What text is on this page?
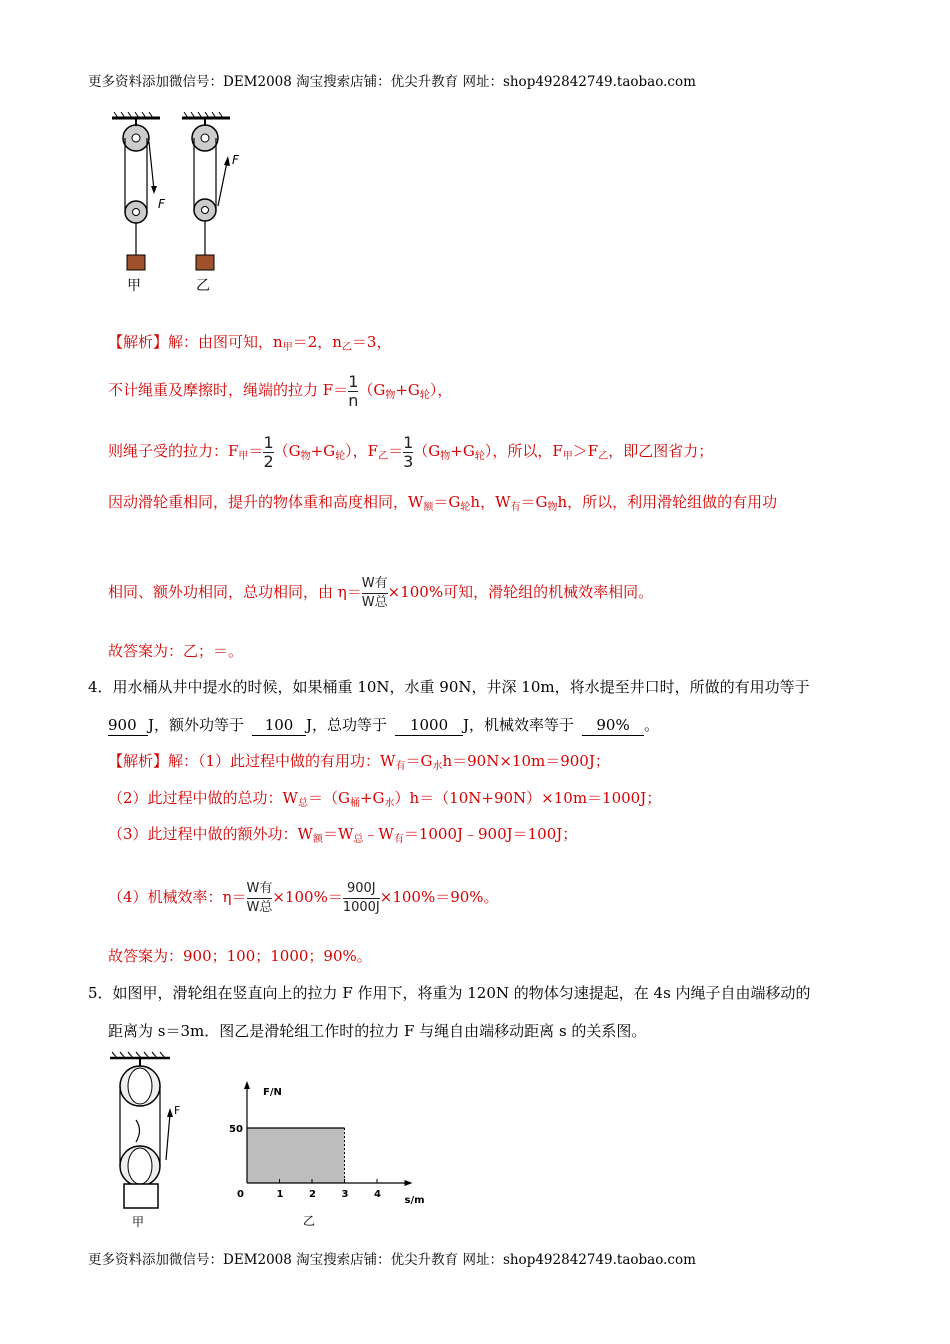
更多资料添加微信号：DEM2008 淘宝搜索店铺：优尖升教育 网址：shop492842749.taobao.com
F
甲
F
乙
【解析】解：由图可知，$n_甲=2$，$n_乙=3$，
不计绳重及摩擦时，绳端的拉力 $F= \frac{1}{n} (G_物+G_轮)$，
则绳子受的拉力：$F_甲= \frac{1}{2} (G_物+G_轮)$，$F_乙= \frac{1}{3} (G_物+G_轮)$，所以，$F_甲>F_乙$，即乙图省力；
因动滑轮重相同，提升的物体重和高度相同，$W_额=G_轮h$，$W_有=G_物h$，所以，利用滑轮组做的有用功
相同、额外功相同，总功相同，由 $\eta= \frac{\text{W有}}{\text{W总}} \times 100\%$可知，滑轮组的机械效率相同。
故答案为：乙；＝。
4．用水桶从井中提水的时候，如果桶重 10N，水重 90N，井深 10m，将水提至井口时，所做的有用功等于
900 J，额外功等于 100 J，总功等于 1000 J，机械效率等于 90% 。
【解析】解：（1）此过程中做的有用功：$W_有=G_水h=90N\times 10m=900J$；
（2）此过程中做的总功：$W_总=(G_桶+G_水)h=(10N+90N)\times 10m=1000J$；
（3）此过程中做的额外功：$W_额=W_总﹣W_有=1000J﹣900J=100J$；
（4）机械效率：$\eta= \frac{\text{W有}}{\text{W总}} \times 100\%= \frac{900J}{1000J} \times 100\%=90\%$。
故答案为：900；100；1000；90%。
5．如图甲，滑轮组在竖直向上的拉力 F 作用下，将重为 120N 的物体匀速提起，在 4s 内绳子自由端移动的
距离为 s＝3m．图乙是滑轮组工作时的拉力 F 与绳自由端移动距离 s 的关系图。
F
甲
F/N
s/m
0	1	2	3	4
50
乙
更多资料添加微信号：DEM2008 淘宝搜索店铺：优尖升教育 网址：shop492842749.taobao.com
